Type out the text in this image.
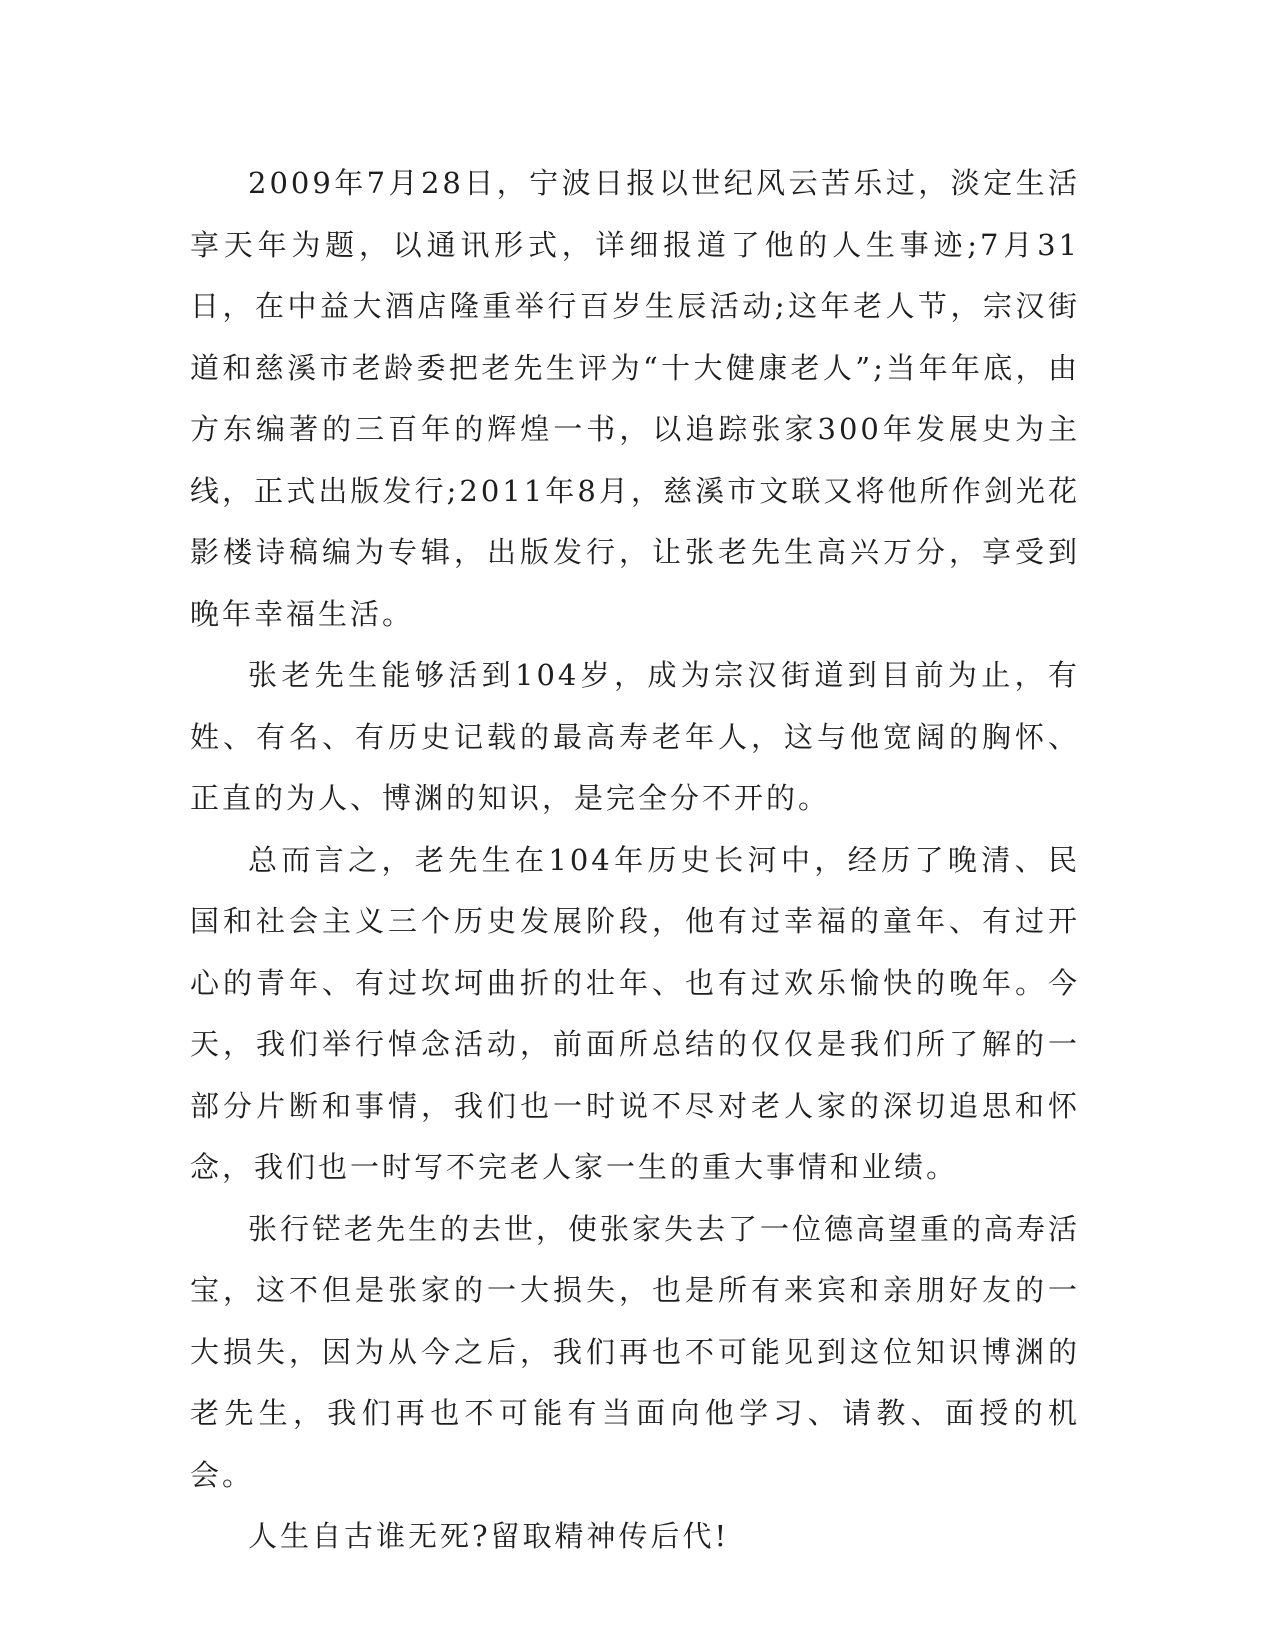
2009年7月28日，宁波日报以世纪风云苦乐过，淡定生活享天年为题，以通讯形式，详细报道了他的人生事迹;7月31日，在中益大酒店隆重举行百岁生辰活动;这年老人节，宗汉街道和慈溪市老龄委把老先生评为“十大健康老人”;当年年底，由方东编著的三百年的辉煌一书，以追踪张家300年发展史为主线，正式出版发行;2011年8月，慈溪市文联又将他所作剑光花影楼诗稿编为专辑，出版发行，让张老先生高兴万分，享受到晚年幸福生活。

张老先生能够活到104岁，成为宗汉街道到目前为止，有姓、有名、有历史记载的最高寿老年人，这与他宽阔的胸怀、正直的为人、博渊的知识，是完全分不开的。

总而言之，老先生在104年历史长河中，经历了晚清、民国和社会主义三个历史发展阶段，他有过幸福的童年、有过开心的青年、有过坎坷曲折的壮年、也有过欢乐愉快的晚年。今天，我们举行悼念活动，前面所总结的仅仅是我们所了解的一部分片断和事情，我们也一时说不尽对老人家的深切追思和怀念，我们也一时写不完老人家一生的重大事情和业绩。

张行铓老先生的去世，使张家失去了一位德高望重的高寿活宝，这不但是张家的一大损失，也是所有来宾和亲朋好友的一大损失，因为从今之后，我们再也不可能见到这位知识博渊的老先生，我们再也不可能有当面向他学习、请教、面授的机会。

人生自古谁无死?留取精神传后代!
